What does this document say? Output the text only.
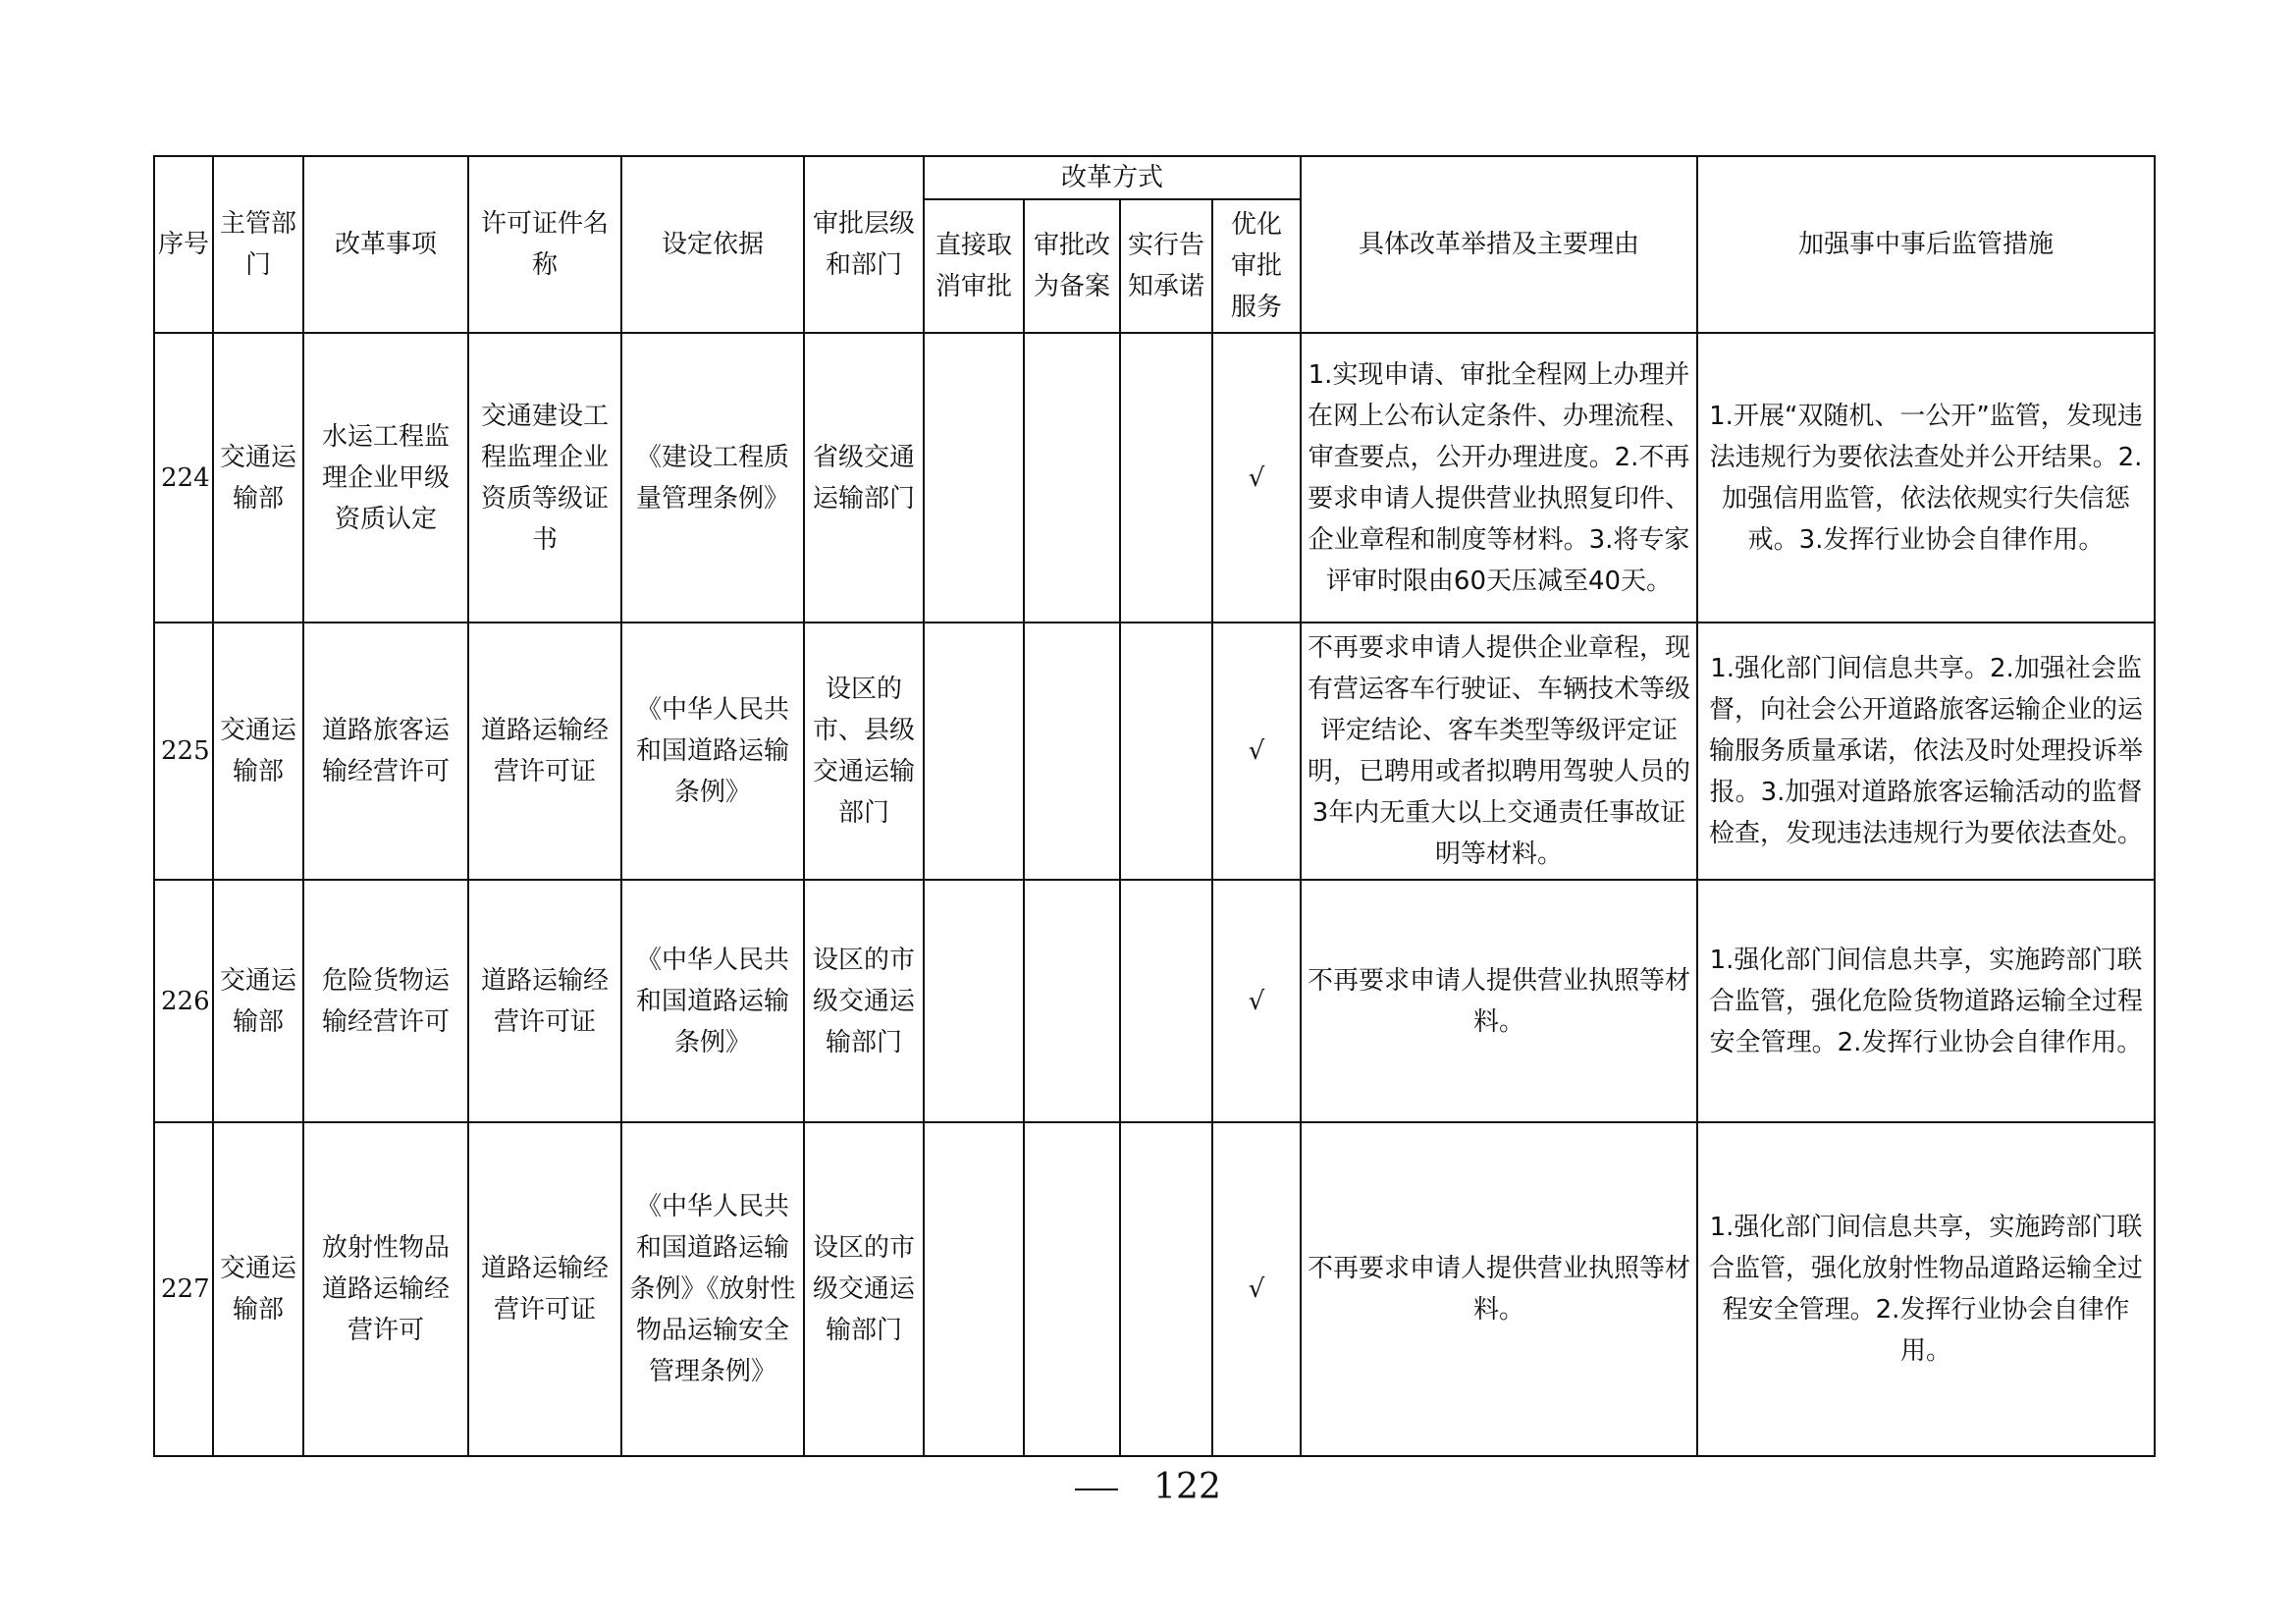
序号	主管部门	改革事项	许可证件名称	设定依据	审批层级和部门	改革方式				具体改革举措及主要理由	加强事中事后监管措施
						直接取消审批	审批改为备案	实行告知承诺	优化审批服务		
224	交通运输部	水运工程监理企业甲级资质认定	交通建设工程监理企业资质等级证书	《建设工程质量管理条例》	省级交通运输部门				√	1.实现申请、审批全程网上办理并在网上公布认定条件、办理流程、审查要点，公开办理进度。2.不再要求申请人提供营业执照复印件、企业章程和制度等材料。3.将专家评审时限由60天压减至40天。	1.开展“双随机、一公开”监管，发现违法违规行为要依法查处并公开结果。2.加强信用监管，依法依规实行失信惩戒。3.发挥行业协会自律作用。
225	交通运输部	道路旅客运输经营许可	道路运输经营许可证	《中华人民共和国道路运输条例》	设区的市、县级交通运输部门				√	不再要求申请人提供企业章程，现有营运客车行驶证、车辆技术等级评定结论、客车类型等级评定证明，已聘用或者拟聘用驾驶人员的3年内无重大以上交通责任事故证明等材料。	1.强化部门间信息共享。2.加强社会监督，向社会公开道路旅客运输企业的运输服务质量承诺，依法及时处理投诉举报。3.加强对道路旅客运输活动的监督检查，发现违法违规行为要依法查处。
226	交通运输部	危险货物运输经营许可	道路运输经营许可证	《中华人民共和国道路运输条例》	设区的市级交通运输部门				√	不再要求申请人提供营业执照等材料。	1.强化部门间信息共享，实施跨部门联合监管，强化危险货物道路运输全过程安全管理。2.发挥行业协会自律作用。
227	交通运输部	放射性物品道路运输经营许可	道路运输经营许可证	《中华人民共和国道路运输条例》《放射性物品运输安全管理条例》	设区的市级交通运输部门				√	不再要求申请人提供营业执照等材料。	1.强化部门间信息共享，实施跨部门联合监管，强化放射性物品道路运输全过程安全管理。2.发挥行业协会自律作用。
122
